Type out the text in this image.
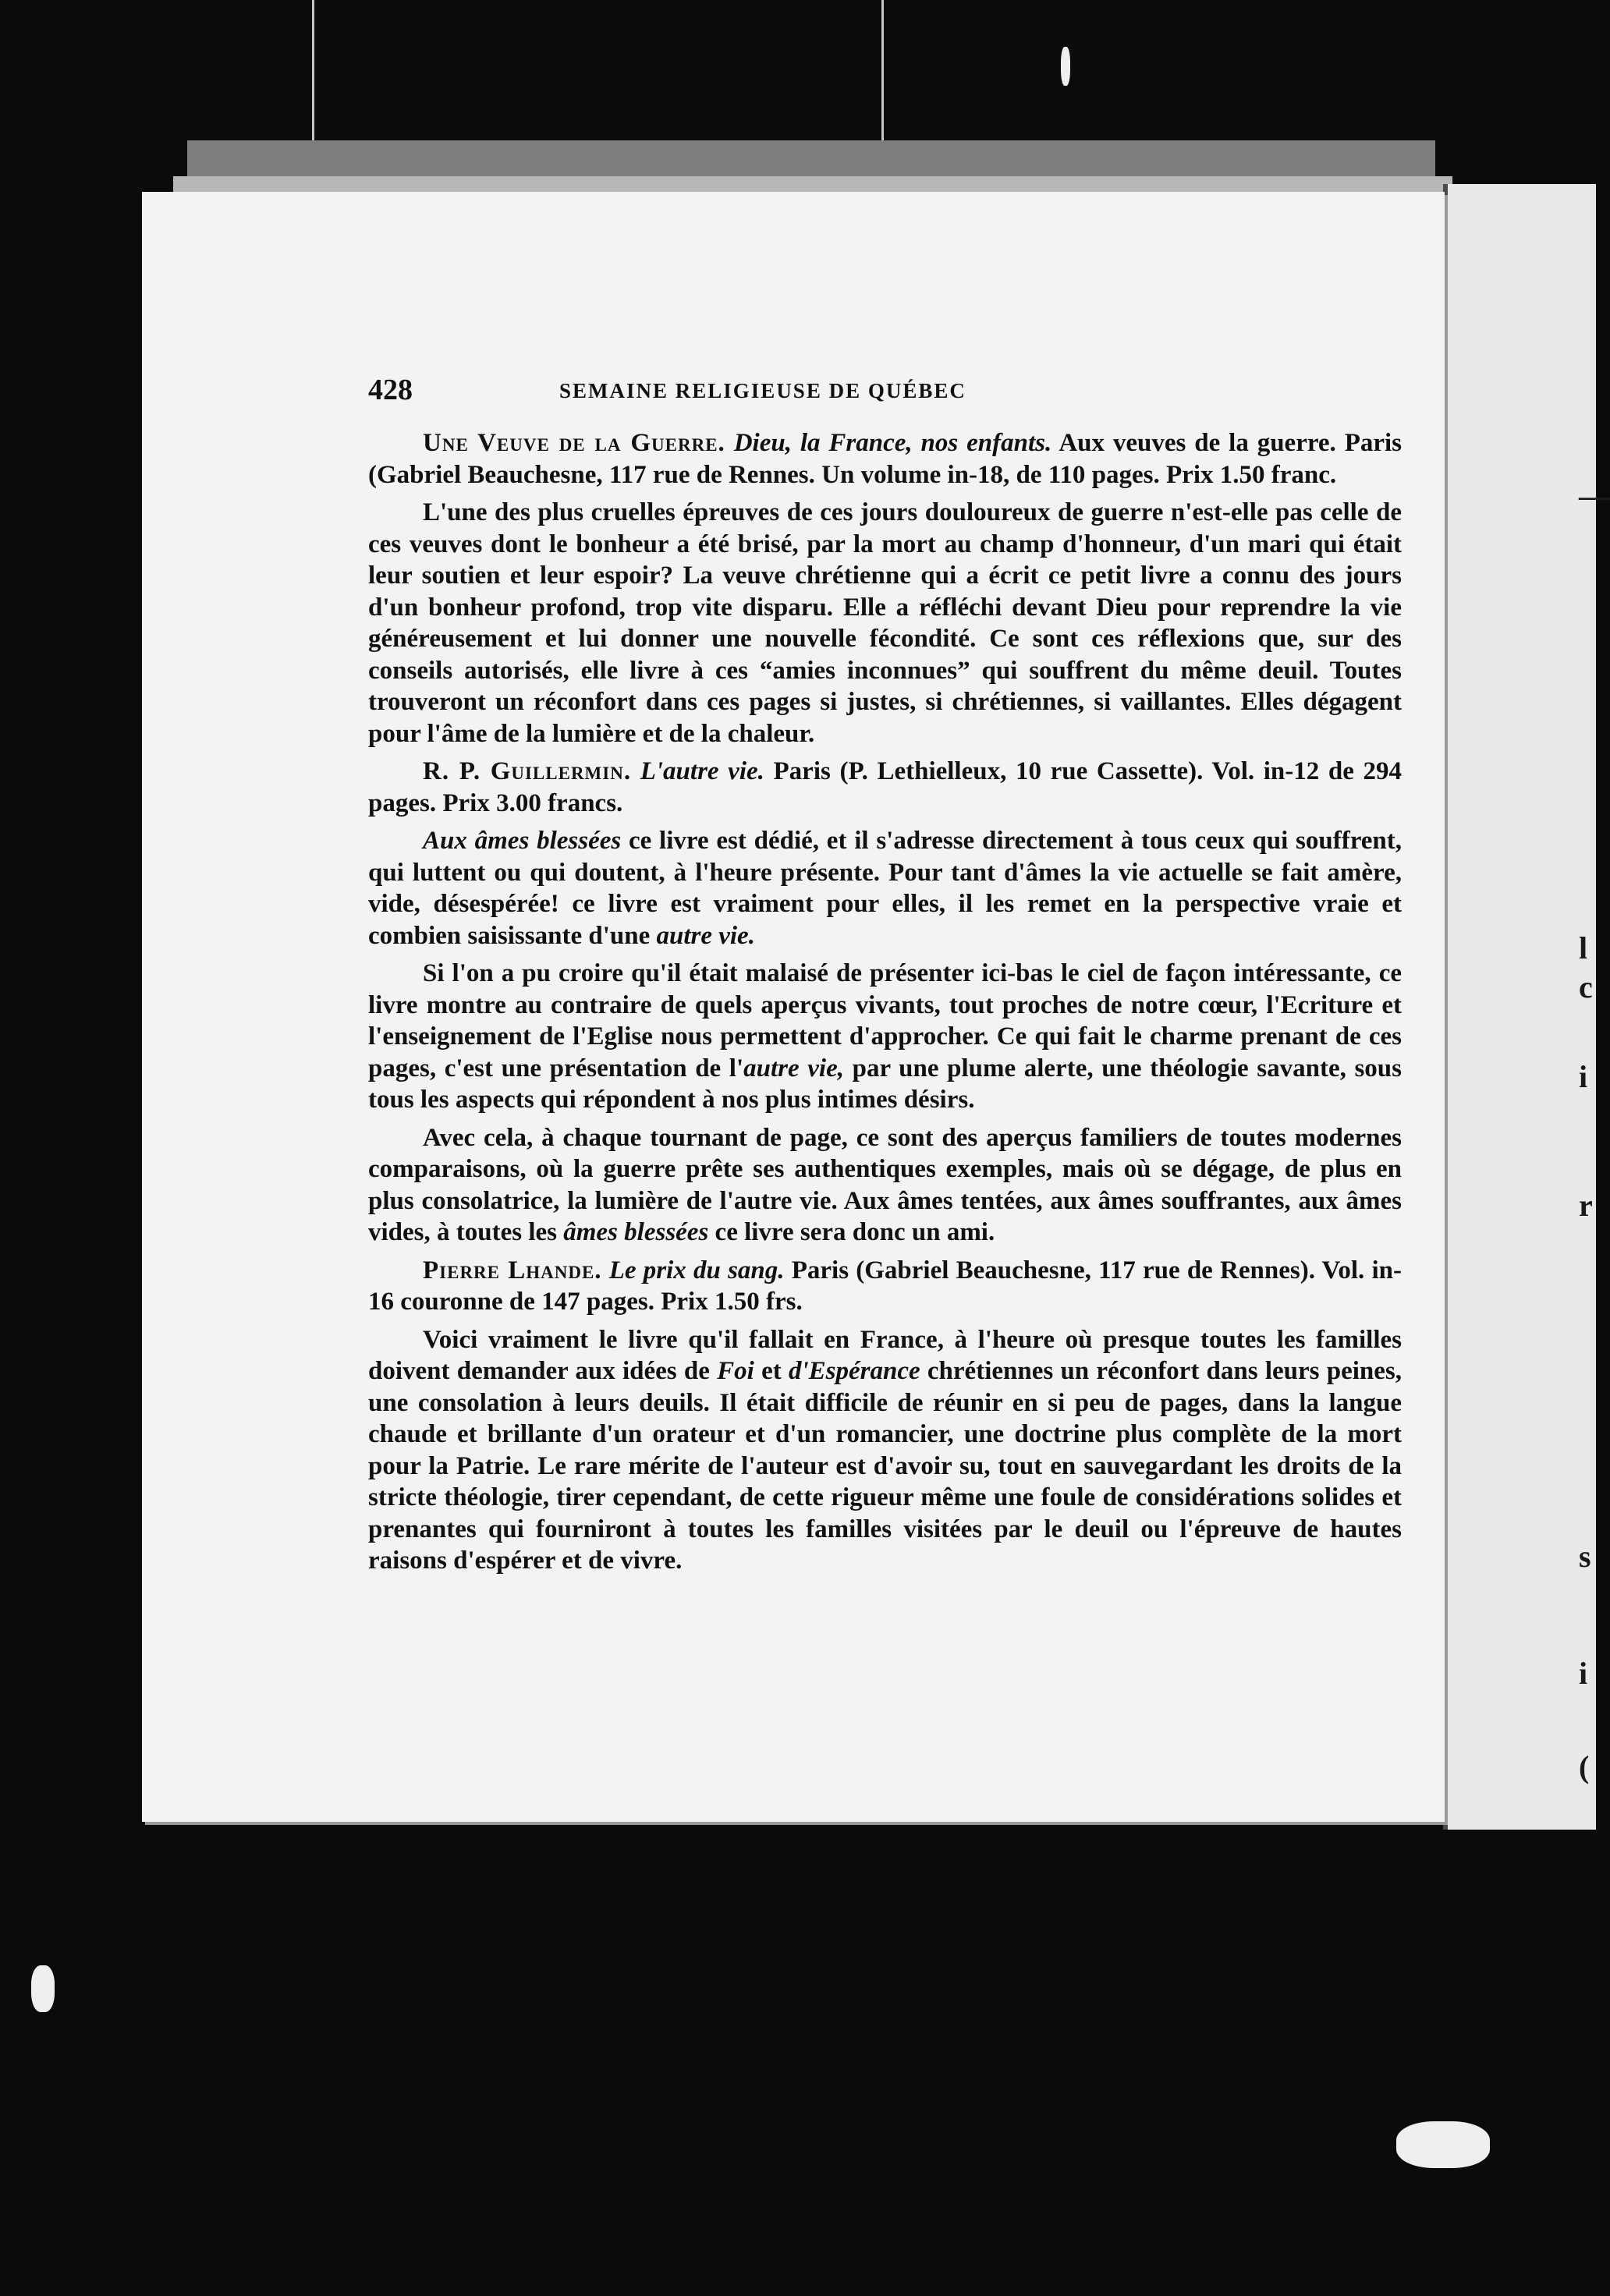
—
l
c
i
r
s
i
(
428	SEMAINE RELIGIEUSE DE QUÉBEC

Une Veuve de la Guerre. Dieu, la France, nos enfants. Aux veuves de la guerre. Paris (Gabriel Beauchesne, 117 rue de Rennes. Un volume in-18, de 110 pages. Prix 1.50 franc.

L'une des plus cruelles épreuves de ces jours douloureux de guerre n'est-elle pas celle de ces veuves dont le bonheur a été brisé, par la mort au champ d'honneur, d'un mari qui était leur soutien et leur espoir? La veuve chrétienne qui a écrit ce petit livre a connu des jours d'un bonheur profond, trop vite disparu. Elle a réfléchi devant Dieu pour reprendre la vie généreusement et lui donner une nouvelle fécondité. Ce sont ces réflexions que, sur des conseils autorisés, elle livre à ces “amies inconnues” qui souffrent du même deuil. Toutes trouveront un réconfort dans ces pages si justes, si chrétiennes, si vaillantes. Elles dégagent pour l'âme de la lumière et de la chaleur.

R. P. Guillermin. L'autre vie. Paris (P. Lethielleux, 10 rue Cassette). Vol. in-12 de 294 pages. Prix 3.00 francs.

Aux âmes blessées ce livre est dédié, et il s'adresse directement à tous ceux qui souffrent, qui luttent ou qui doutent, à l'heure présente. Pour tant d'âmes la vie actuelle se fait amère, vide, désespérée! ce livre est vraiment pour elles, il les remet en la perspective vraie et combien saisissante d'une autre vie.

Si l'on a pu croire qu'il était malaisé de présenter ici-bas le ciel de façon intéressante, ce livre montre au contraire de quels aperçus vivants, tout proches de notre cœur, l'Ecriture et l'enseignement de l'Eglise nous permettent d'approcher. Ce qui fait le charme prenant de ces pages, c'est une présentation de l'autre vie, par une plume alerte, une théologie savante, sous tous les aspects qui répondent à nos plus intimes désirs.

Avec cela, à chaque tournant de page, ce sont des aperçus familiers de toutes modernes comparaisons, où la guerre prête ses authentiques exemples, mais où se dégage, de plus en plus consolatrice, la lumière de l'autre vie. Aux âmes tentées, aux âmes souffrantes, aux âmes vides, à toutes les âmes blessées ce livre sera donc un ami.

Pierre Lhande. Le prix du sang. Paris (Gabriel Beauchesne, 117 rue de Rennes). Vol. in-16 couronne de 147 pages. Prix 1.50 frs.

Voici vraiment le livre qu'il fallait en France, à l'heure où presque toutes les familles doivent demander aux idées de Foi et d'Espérance chrétiennes un réconfort dans leurs peines, une consolation à leurs deuils. Il était difficile de réunir en si peu de pages, dans la langue chaude et brillante d'un orateur et d'un romancier, une doctrine plus complète de la mort pour la Patrie. Le rare mérite de l'auteur est d'avoir su, tout en sauvegardant les droits de la stricte théologie, tirer cependant, de cette rigueur même une foule de considérations solides et prenantes qui fourniront à toutes les familles visitées par le deuil ou l'épreuve de hautes raisons d'espérer et de vivre.
